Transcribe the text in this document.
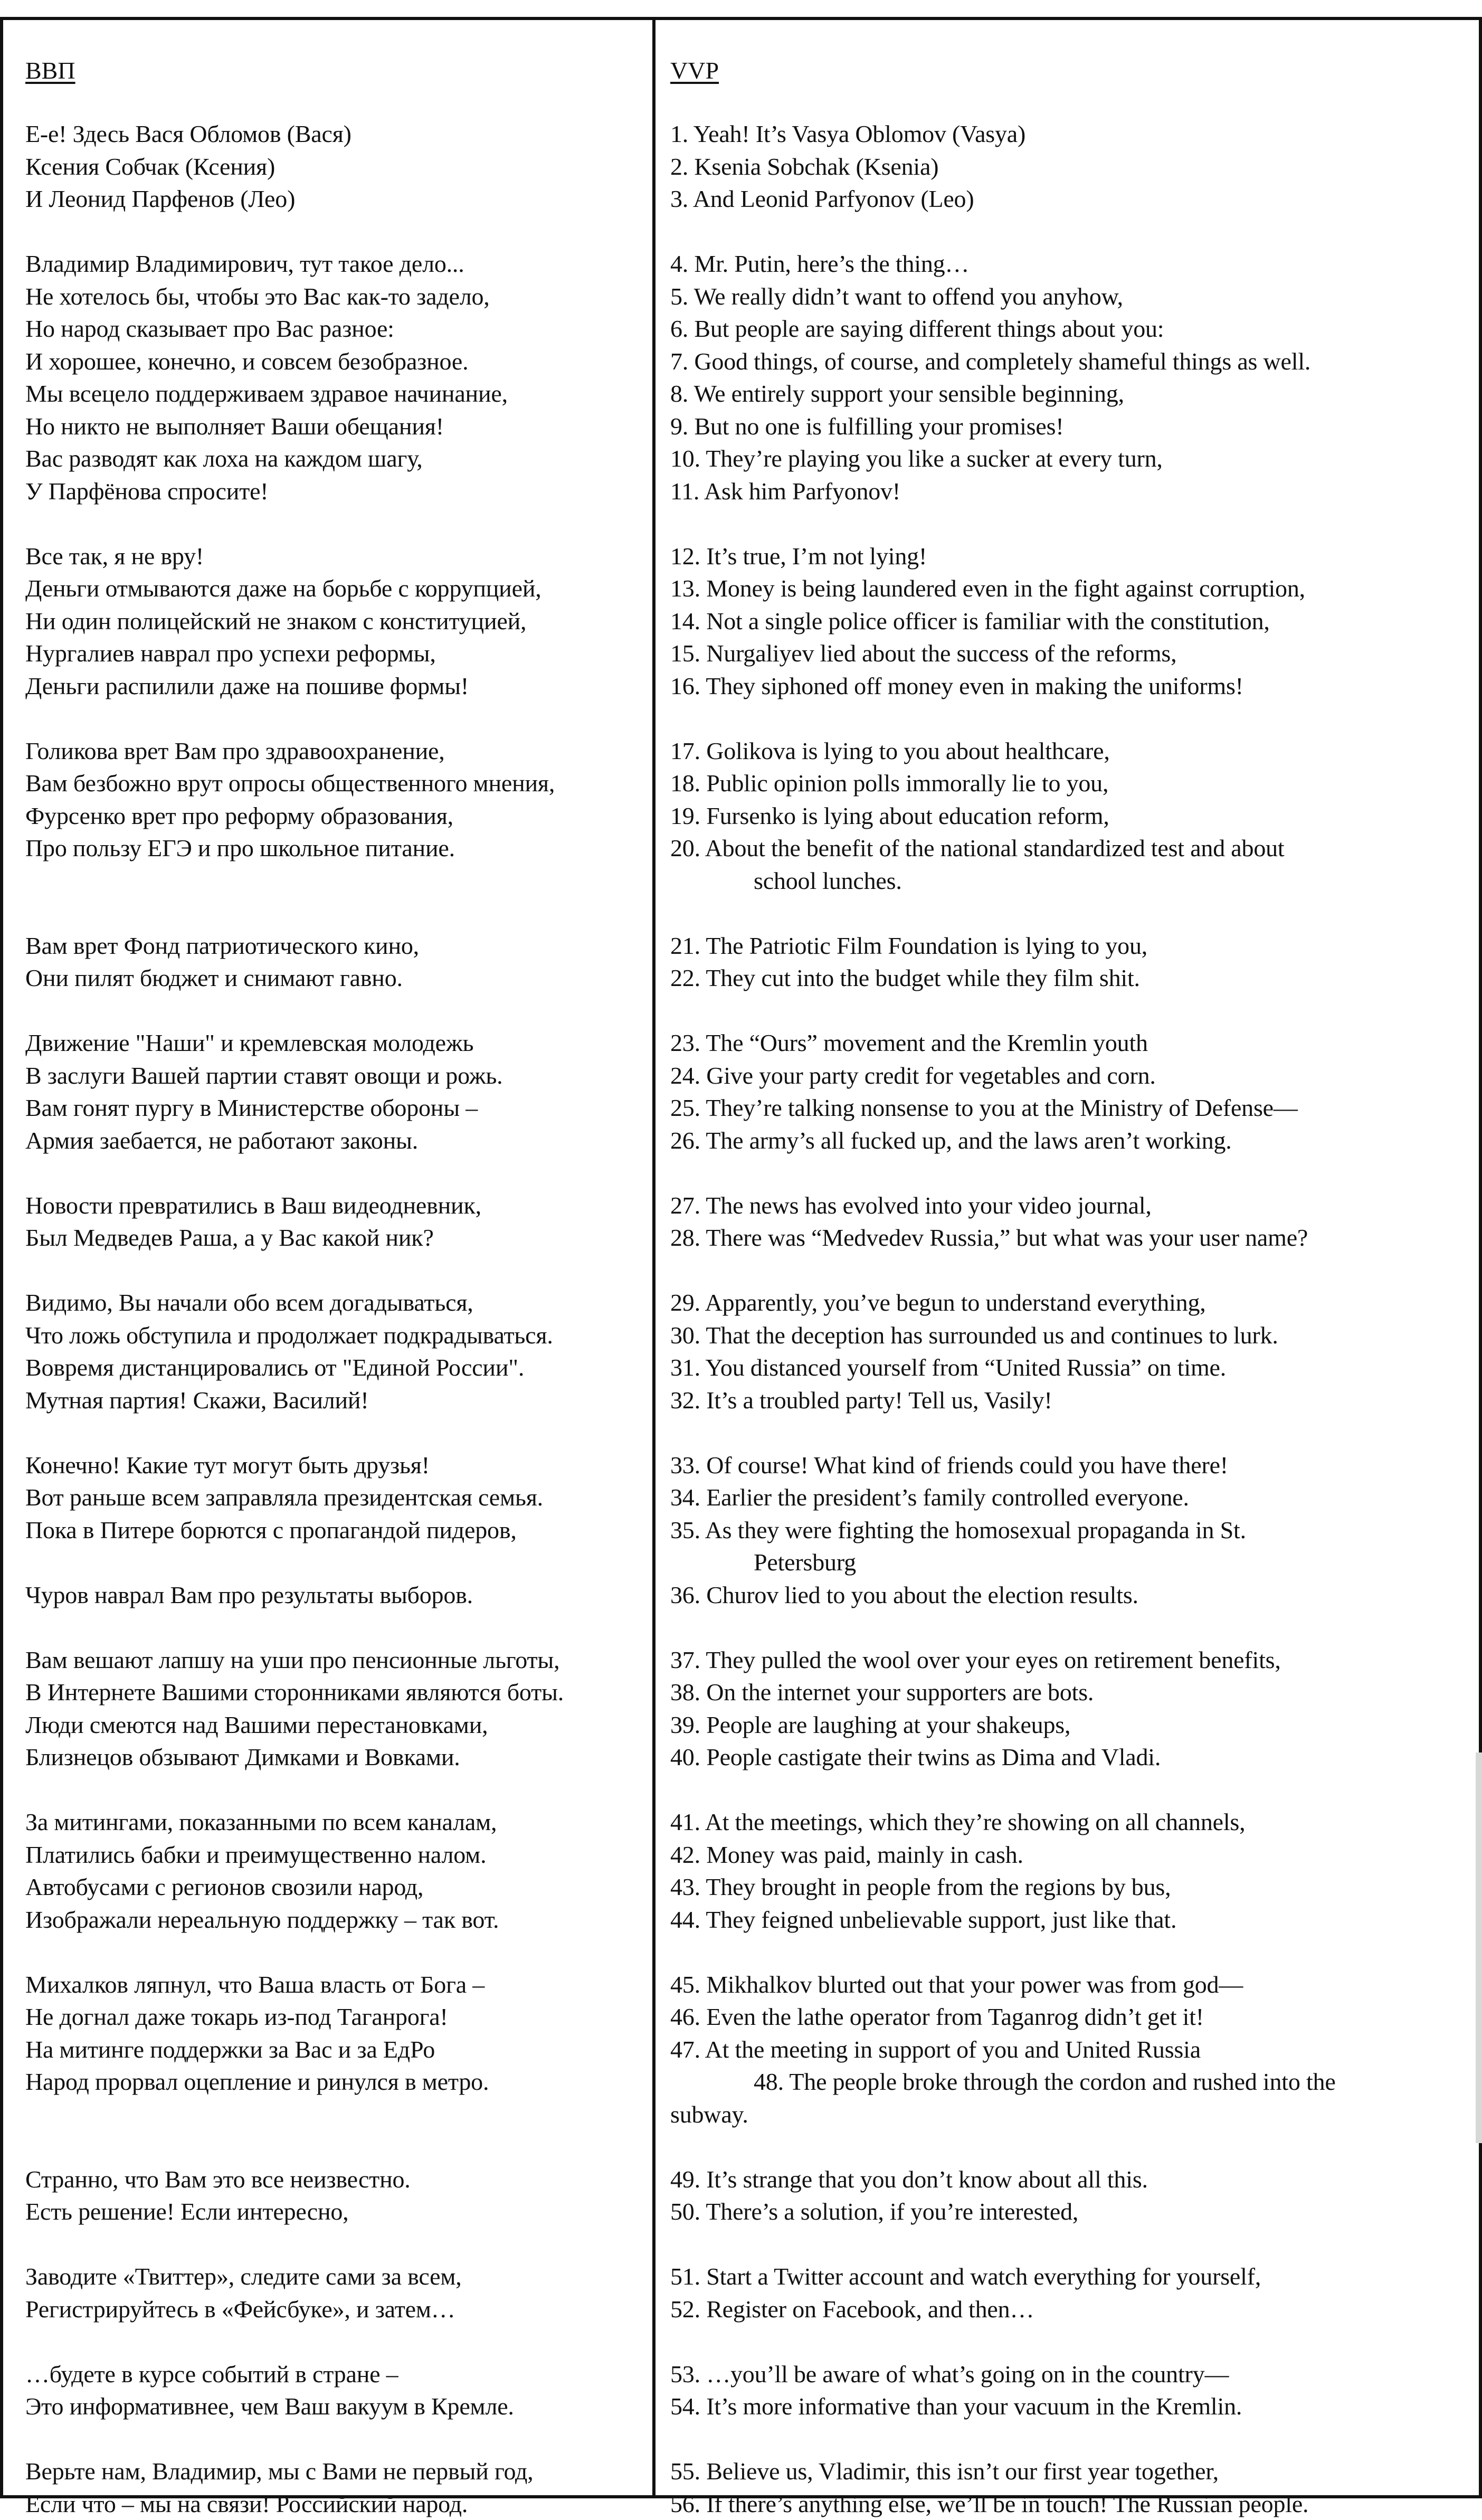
ВВП
Е-е! Здесь Вася Обломов (Вася)
Ксения Собчак (Ксения)
И Леонид Парфенов (Лео)
Владимир Владимирович, тут такое дело...
Не хотелось бы, чтобы это Вас как-то задело,
Но народ сказывает про Вас разное:
И хорошее, конечно, и совсем безобразное.
Мы всецело поддерживаем здравое начинание,
Но никто не выполняет Ваши обещания!
Вас разводят как лоха на каждом шагу,
У Парфёнова спросите!
Все так, я не вру!
Деньги отмываются даже на борьбе с коррупцией,
Ни один полицейский не знаком с конституцией,
Нургалиев наврал про успехи реформы,
Деньги распилили даже на пошиве формы!
Голикова врет Вам про здравоохранение,
Вам безбожно врут опросы общественного мнения,
Фурсенко врет про реформу образования,
Про пользу ЕГЭ и про школьное питание.
Вам врет Фонд патриотического кино,
Они пилят бюджет и снимают гавно.
Движение "Наши" и кремлевская молодежь
В заслуги Вашей партии ставят овощи и рожь.
Вам гонят пургу в Министерстве обороны –
Армия заебается, не работают законы.
Новости превратились в Ваш видеодневник,
Был Медведев Раша, а у Вас какой ник?
Видимо, Вы начали обо всем догадываться,
Что ложь обступила и продолжает подкрадываться.
Вовремя дистанцировались от "Единой России".
Мутная партия! Скажи, Василий!
Конечно! Какие тут могут быть друзья!
Вот раньше всем заправляла президентская семья.
Пока в Питере борются с пропагандой пидеров,
Чуров наврал Вам про результаты выборов.
Вам вешают лапшу на уши про пенсионные льготы,
В Интернете Вашими сторонниками являются боты.
Люди смеются над Вашими перестановками,
Близнецов обзывают Димками и Вовками.
За митингами, показанными по всем каналам,
Платились бабки и преимущественно налом.
Автобусами с регионов свозили народ,
Изображали нереальную поддержку – так вот.
Михалков ляпнул, что Ваша власть от Бога –
Не догнал даже токарь из-под Таганрога!
На митинге поддержки за Вас и за ЕдРо
Народ прорвал оцепление и ринулся в метро.
Странно, что Вам это все неизвестно.
Есть решение! Если интересно,
Заводите «Твиттер», следите сами за всем,
Регистрируйтесь в «Фейсбуке», и затем…
…будете в курсе событий в стране –
Это информативнее, чем Ваш вакуум в Кремле.
Верьте нам, Владимир, мы с Вами не первый год,
Если что – мы на связи! Российский народ.
VVP
1. Yeah! It’s Vasya Oblomov (Vasya)
2. Ksenia Sobchak (Ksenia)
3. And Leonid Parfyonov (Leo)
4. Mr. Putin, here’s the thing…
5. We really didn’t want to offend you anyhow,
6. But people are saying different things about you:
7. Good things, of course, and completely shameful things as well.
8. We entirely support your sensible beginning,
9. But no one is fulfilling your promises!
10. They’re playing you like a sucker at every turn,
11. Ask him Parfyonov!
12. It’s true, I’m not lying!
13. Money is being laundered even in the fight against corruption,
14. Not a single police officer is familiar with the constitution,
15. Nurgaliyev lied about the success of the reforms,
16. They siphoned off money even in making the uniforms!
17. Golikova is lying to you about healthcare,
18. Public opinion polls immorally lie to you,
19. Fursenko is lying about education reform,
20. About the benefit of the national standardized test and about
school lunches.
21. The Patriotic Film Foundation is lying to you,
22. They cut into the budget while they film shit.
23. The “Ours” movement and the Kremlin youth
24. Give your party credit for vegetables and corn.
25. They’re talking nonsense to you at the Ministry of Defense—
26. The army’s all fucked up, and the laws aren’t working.
27. The news has evolved into your video journal,
28. There was “Medvedev Russia,” but what was your user name?
29. Apparently, you’ve begun to understand everything,
30. That the deception has surrounded us and continues to lurk.
31. You distanced yourself from “United Russia” on time.
32. It’s a troubled party! Tell us, Vasily!
33. Of course! What kind of friends could you have there!
34. Earlier the president’s family controlled everyone.
35. As they were fighting the homosexual propaganda in St.
Petersburg
36. Churov lied to you about the election results.
37. They pulled the wool over your eyes on retirement benefits,
38. On the internet your supporters are bots.
39. People are laughing at your shakeups,
40. People castigate their twins as Dima and Vladi.
41. At the meetings, which they’re showing on all channels,
42. Money was paid, mainly in cash.
43. They brought in people from the regions by bus,
44. They feigned unbelievable support, just like that.
45. Mikhalkov blurted out that your power was from god—
46. Even the lathe operator from Taganrog didn’t get it!
47. At the meeting in support of you and United Russia
48. The people broke through the cordon and rushed into the
subway.
49. It’s strange that you don’t know about all this.
50. There’s a solution, if you’re interested,
51. Start a Twitter account and watch everything for yourself,
52. Register on Facebook, and then…
53. …you’ll be aware of what’s going on in the country—
54. It’s more informative than your vacuum in the Kremlin.
55. Believe us, Vladimir, this isn’t our first year together,
56. If there’s anything else, we’ll be in touch! The Russian people.
